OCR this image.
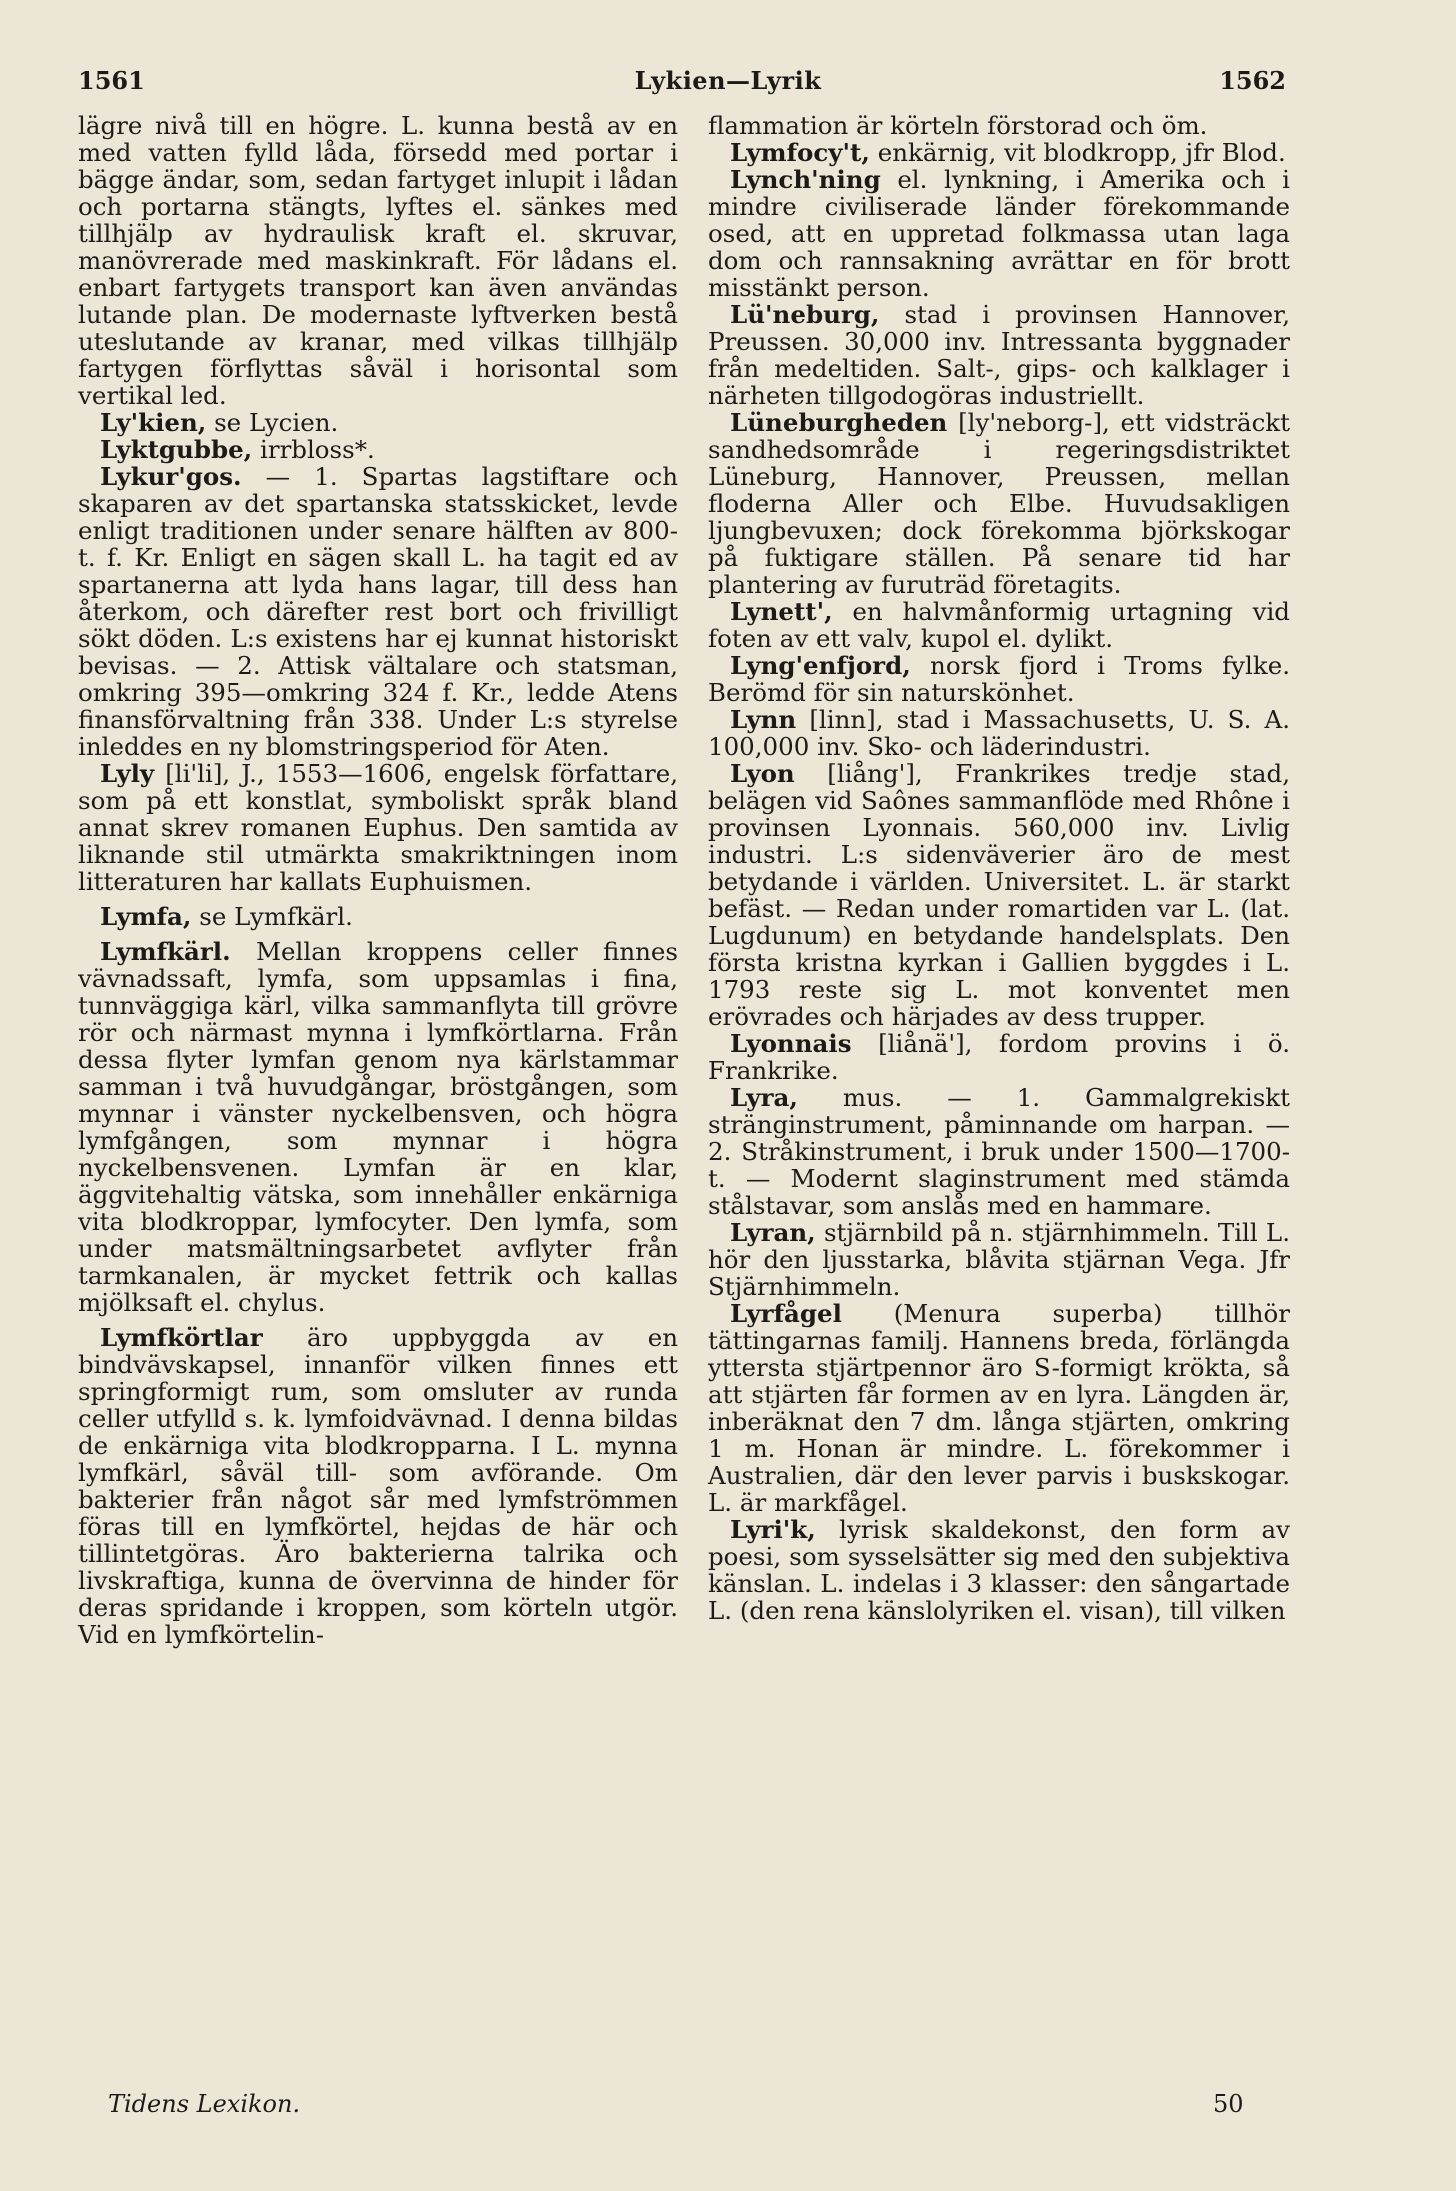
1561	Lykien—Lyrik	1562

lägre nivå till en högre. L. kunna bestå av en med vatten fylld låda, försedd med portar i bägge ändar, som, sedan fartyget inlupit i lådan och portarna stängts, lyftes el. sänkes med tillhjälp av hydraulisk kraft el. skruvar, manövrerade med maskinkraft. För lådans el. enbart fartygets transport kan även användas lutande plan. De modernaste lyftverken bestå uteslutande av kranar, med vilkas tillhjälp fartygen förflyttas såväl i horisontal som vertikal led.

Ly'kien, se Lycien.

Lyktgubbe, irrbloss*.

Lykur'gos. — 1. Spartas lagstiftare och skaparen av det spartanska statsskicket, levde enligt traditionen under senare hälften av 800-t. f. Kr. Enligt en sägen skall L. ha tagit ed av spartanerna att lyda hans lagar, till dess han återkom, och därefter rest bort och frivilligt sökt döden. L:s existens har ej kunnat historiskt bevisas. — 2. Attisk vältalare och statsman, omkring 395—omkring 324 f. Kr., ledde Atens finansförvaltning från 338. Under L:s styrelse inleddes en ny blomstringsperiod för Aten.

Lyly [li'li], J., 1553—1606, engelsk författare, som på ett konstlat, symboliskt språk bland annat skrev romanen Euphus. Den samtida av liknande stil utmärkta smakriktningen inom litteraturen har kallats Euphuismen.

Lymfa, se Lymfkärl.

Lymfkärl. Mellan kroppens celler finnes vävnadssaft, lymfa, som uppsamlas i fina, tunnväggiga kärl, vilka sammanflyta till grövre rör och närmast mynna i lymfkörtlarna. Från dessa flyter lymfan genom nya kärlstammar samman i två huvudgångar, bröstgången, som mynnar i vänster nyckelbensven, och högra lymfgången, som mynnar i högra nyckelbensvenen. Lymfan är en klar, äggvitehaltig vätska, som innehåller enkärniga vita blodkroppar, lymfocyter. Den lymfa, som under matsmältningsarbetet avflyter från tarmkanalen, är mycket fettrik och kallas mjölksaft el. chylus.

Lymfkörtlar äro uppbyggda av en bindvävskapsel, innanför vilken finnes ett springformigt rum, som omsluter av runda celler utfylld s. k. lymfoidvävnad. I denna bildas de enkärniga vita blodkropparna. I L. mynna lymfkärl, såväl till- som avförande. Om bakterier från något sår med lymfströmmen föras till en lymfkörtel, hejdas de här och tillintetgöras. Äro bakterierna talrika och livskraftiga, kunna de övervinna de hinder för deras spridande i kroppen, som körteln utgör. Vid en lymfkörtelin-

flammation är körteln förstorad och öm.

Lymfocy't, enkärnig, vit blodkropp, jfr Blod.

Lynch'ning el. lynkning, i Amerika och i mindre civiliserade länder förekommande osed, att en uppretad folkmassa utan laga dom och rannsakning avrättar en för brott misstänkt person.

Lü'neburg, stad i provinsen Hannover, Preussen. 30,000 inv. Intressanta byggnader från medeltiden. Salt-, gips- och kalklager i närheten tillgodogöras industriellt.

Lüneburgheden [ly'neborg-], ett vidsträckt sandhedsområde i regeringsdistriktet Lüneburg, Hannover, Preussen, mellan floderna Aller och Elbe. Huvudsakligen ljungbevuxen; dock förekomma björkskogar på fuktigare ställen. På senare tid har plantering av furuträd företagits.

Lynett', en halvmånformig urtagning vid foten av ett valv, kupol el. dylikt.

Lyng'enfjord, norsk fjord i Troms fylke. Berömd för sin naturskönhet.

Lynn [linn], stad i Massachusetts, U. S. A. 100,000 inv. Sko- och läderindustri.

Lyon [liång'], Frankrikes tredje stad, belägen vid Saônes sammanflöde med Rhône i provinsen Lyonnais. 560,000 inv. Livlig industri. L:s sidenväverier äro de mest betydande i världen. Universitet. L. är starkt befäst. — Redan under romartiden var L. (lat. Lugdunum) en betydande handelsplats. Den första kristna kyrkan i Gallien byggdes i L. 1793 reste sig L. mot konventet men erövrades och härjades av dess trupper.

Lyonnais [liånä'], fordom provins i ö. Frankrike.

Lyra, mus. — 1. Gammalgrekiskt stränginstrument, påminnande om harpan. — 2. Stråkinstrument, i bruk under 1500—1700-t. — Modernt slaginstrument med stämda stålstavar, som anslås med en hammare.

Lyran, stjärnbild på n. stjärnhimmeln. Till L. hör den ljusstarka, blåvita stjärnan Vega. Jfr Stjärnhimmeln.

Lyrfågel (Menura superba) tillhör tättingarnas familj. Hannens breda, förlängda yttersta stjärtpennor äro S-formigt krökta, så att stjärten får formen av en lyra. Längden är, inberäknat den 7 dm. långa stjärten, omkring 1 m. Honan är mindre. L. förekommer i Australien, där den lever parvis i buskskogar. L. är markfågel.

Lyri'k, lyrisk skaldekonst, den form av poesi, som sysselsätter sig med den subjektiva känslan. L. indelas i 3 klasser: den sångartade L. (den rena känslolyriken el. visan), till vilken

Tidens Lexikon.	50
